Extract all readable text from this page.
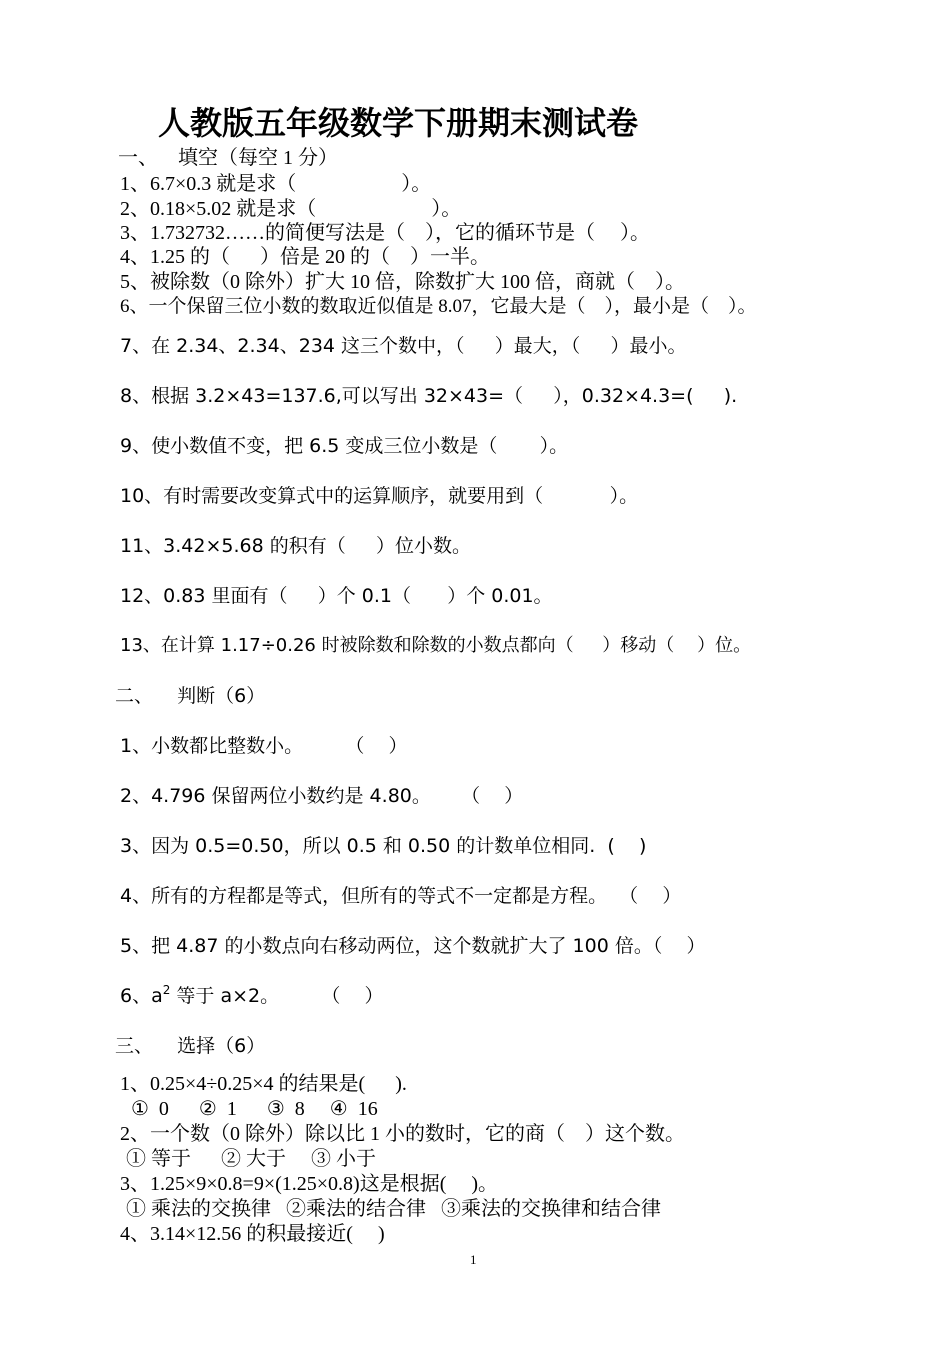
人教版五年级数学下册期末测试卷
一、    填空（每空 1 分）
1、6.7×0.3 就是求（                     ）。
2、0.18×5.02 就是求（                       ）。
3、1.732732……的简便写法是（    ），它的循环节是（     ）。
4、1.25 的（      ）倍是 20 的（    ）一半。
5、被除数（0 除外）扩大 10 倍，除数扩大 100 倍，商就（    ）。
6、一个保留三位小数的数取近似值是 8.07，它最大是（    ），最小是（    ）。
7、在 2.34、2.34、234 这三个数中，（     ）最大，（     ）最小。
8、根据 3.2×43=137.6,可以写出 32×43=（     ），0.32×4.3=(     ).
9、使小数值不变，把 6.5 变成三位小数是（       ）。
10、有时需要改变算式中的运算顺序，就要用到（           ）。
11、3.42×5.68 的积有（     ）位小数。
12、0.83 里面有（     ）个 0.1（      ）个 0.01。
13、在计算 1.17÷0.26 时被除数和除数的小数点都向（     ）移动（    ）位。
二、    判断（6）
1、小数都比整数小。       （    ）
2、4.796 保留两位小数约是 4.80。     （    ）
3、因为 0.5=0.50，所以 0.5 和 0.50 的计数单位相同.  (    )
4、所有的方程都是等式，但所有的等式不一定都是方程。  （    ）
5、把 4.87 的小数点向右移动两位，这个数就扩大了 100 倍。（    ）
6、$a^2$ 等于 a×2。       （    ）
三、    选择（6）
1、0.25×4÷0.25×4 的结果是(      ).
①  0      ②  1      ③  8     ④  16
2、一个数（0 除外）除以比 1 小的数时，它的商（    ）这个数。
① 等于      ② 大于     ③ 小于
3、1.25×9×0.8=9×(1.25×0.8)这是根据(     )。
① 乘法的交换律   ②乘法的结合律   ③乘法的交换律和结合律
4、3.14×12.56 的积最接近(     )
1
